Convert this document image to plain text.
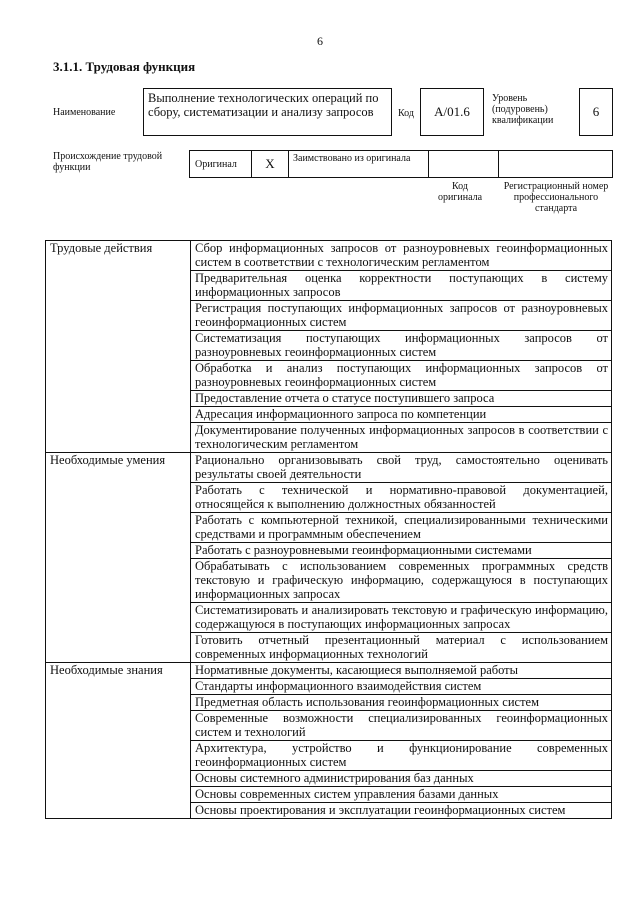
6
3.1.1. Трудовая функция
Наименование
Выполнение технологических операций по сбору, систематизации и анализу запросов	Код	A/01.6
Уровень (подуровень) квалификации
6
Происхождение трудовой функции	Оригинал	X	Заимствовано из оригинала
Код оригинала
Регистрационный номер профессионального стандарта
Трудовые действия	Сбор информационных запросов от разноуровневых геоинформационных систем в соответствии с технологическим регламентом

	Предварительная оценка корректности поступающих в систему информационных запросов

	Регистрация поступающих информационных запросов от разноуровневых геоинформационных систем

	Систематизация поступающих информационных запросов от разноуровневых геоинформационных систем

	Обработка и анализ поступающих информационных запросов от разноуровневых геоинформационных систем

	Предоставление отчета о статусе поступившего запроса

	Адресация информационного запроса по компетенции

	Документирование полученных информационных запросов в соответствии с технологическим регламентом

Необходимые умения	Рационально организовывать свой труд, самостоятельно оценивать результаты своей деятельности

	Работать с технической и нормативно-правовой документацией, относящейся к выполнению должностных обязанностей

	Работать с компьютерной техникой, специализированными техническими средствами и программным обеспечением

	Работать с разноуровневыми геоинформационными системами

	Обрабатывать с использованием современных программных средств текстовую и графическую информацию, содержащуюся в поступающих информационных запросах

	Систематизировать и анализировать текстовую и графическую информацию, содержащуюся в поступающих информационных запросах

	Готовить отчетный презентационный материал с использованием современных информационных технологий

Необходимые знания	Нормативные документы, касающиеся выполняемой работы

	Стандарты информационного взаимодействия систем

	Предметная область использования геоинформационных систем

	Современные возможности специализированных геоинформационных систем и технологий

	Архитектура, устройство и функционирование современных геоинформационных систем

	Основы системного администрирования баз данных

	Основы современных систем управления базами данных

	Основы проектирования и эксплуатации геоинформационных систем
